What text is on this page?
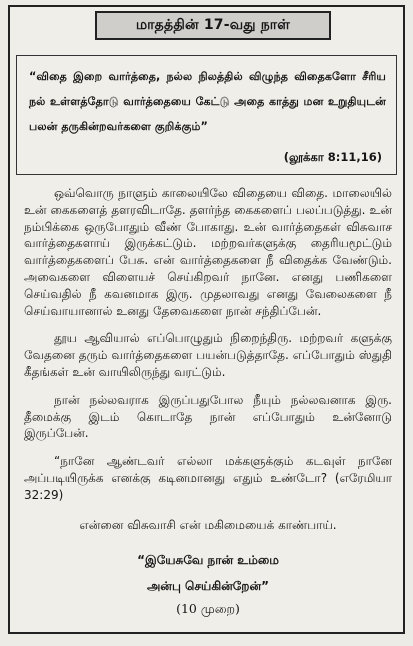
மாதத்தின் 17-வது நாள்

“விதை இறை வார்த்தை, நல்ல நிலத்தில் விழுந்த விதைகளோ சீரிய நல் உள்ளத்தோடு வார்த்தையை கேட்டு அதை காத்து மன உறுதியுடன் பலன் தருகின்றவர்களை குறிக்கும்”

(லூக்கா 8:11,16)

ஒவ்வொரு நாளும் காலையிலே விதையை விதை. மாலையில் உன் கைகளைத் தளரவிடாதே. தளர்ந்த கைகளைப் பலப்படுத்து. உன் நம்பிக்கை ஒருபோதும் வீண் போகாது. உன் வார்த்தைகள் விசுவாச வார்த்தைகளாய் இருக்கட்டும். மற்றவர்களுக்கு தைரியமூட்டும் வார்த்தைகளைப் பேசு. என் வார்த்தைகளை நீ விதைக்க வேண்டும். அவைகளை விளையச் செய்கிறவர் நானே. எனது பணிகளை செய்வதில் நீ கவனமாக இரு. முதலாவது எனது வேலைகளை நீ செய்வாயானால் உனது தேவைகளை நான் சந்திப்பேன்.

தூய ஆவியால் எப்பொழுதும் நிறைந்திரு. மற்றவர் களுக்கு வேதனை தரும் வார்த்தைகளை பயன்படுத்தாதே. எப்போதும் ஸ்துதி கீதங்கள் உன் வாயிலிருந்து வரட்டும்.

நான் நல்லவராக இருப்பதுபோல நீயும் நல்லவனாக இரு. தீமைக்கு இடம் கொடாதே நான் எப்போதும் உன்னோடு இருப்பேன்.

“நானே ஆண்டவர் எல்லா மக்களுக்கும் கடவுள் நானே அப்படியிருக்க எனக்கு கடினமானது எதும் உண்டோ? (எரேமியா 32:29)

என்னை விசுவாசி என் மகிமையைக் காண்பாய்.

“இயேசுவே நான் உம்மை

அன்பு செய்கின்றேன்”

(10 முறை)
